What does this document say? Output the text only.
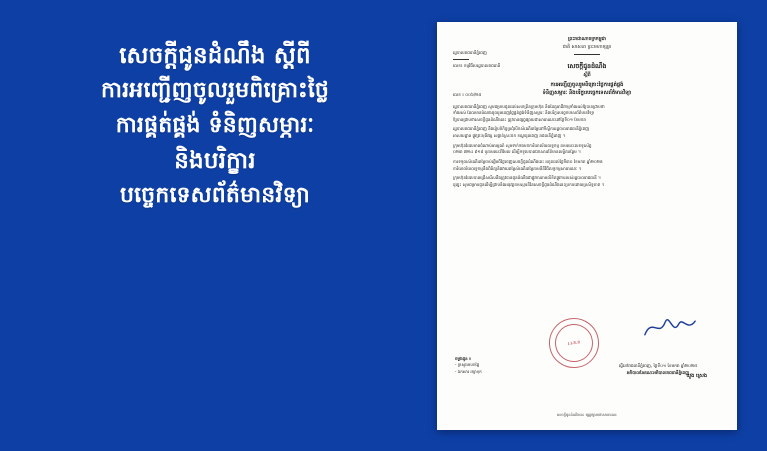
សេចក្តីជូនដំណឹង ស្តីពី
ការអញ្ជើញចូលរួមពិគ្រោះថ្លៃ
ការផ្គត់ផ្គង់ ទំនិញសម្ភារៈ
និងបរិក្ខារ
បច្ចេកទេសព័ត៌មានវិទ្យា
ព្រះរាជាណាចក្រកម្ពុជា
ជាតិ សាសនា ព្រះមហាក្សត្រ
រដ្ឋបាលរាជធានីភ្នំពេញ
លេខ៖ កម្មវិធីរបរដ្ឋបាលរាជធានី
លេខ ៖ ០០៦/២៥
សេចក្តីជូនដំណឹង
ស្តីពី
ការអញ្ជើញចូលរួមពិគ្រោះថ្លៃការផ្គត់ផ្គង់
ទំនិញសម្ភារៈ និងបរិក្ខារបច្ចេកទេសព័ត៌មានវិទ្យា
រដ្ឋបាលរាជធានីភ្នំពេញ សូមជម្រាបជូនដល់សហគ្រិនក្រុមហ៊ុន និងដៃគូអាជីវកម្មទាំងអស់ឱ្យបានជ្រាបថា
ទាំងអស់ ដែលមានបំណងចូលរួមដេញថ្លៃផ្គត់ផ្គង់ទំនិញសម្ភារៈ និងបរិក្ខារបច្ចេកទេសព័ត៌មានវិទ្យា
ឱ្យបានជ្រាបថាសេចក្តីជូនដំណឹងនេះ ត្រូវបានផ្សព្វផ្សាយជាសាធារណៈនៅថ្ងៃទី០១ ខែមករា
រដ្ឋបាលរាជធានីភ្នំពេញ នឹងរៀបចំកិច្ចប្រជុំបើកសំណើរតម្លៃនៅទីស្តីការរដ្ឋបាលរាជធានីភ្នំពេញ
អាសយដ្ឋាន ផ្លូវព្រះមុនីវង្ស សង្កាត់ស្រះចក ខណ្ឌដូនពេញ រាជធានីភ្នំពេញ ។
ក្រុមហ៊ុនដែលមានចំណាប់អារម្មណ៍ សូមទាក់ទងមកការិយាល័យលទ្ធកម្ម តាមរយៈលេខទូរស័ព្ទ
០២៣ ៧២៤ ៩១៨ ឬតាមរយៈអ៊ីមែល ដើម្បីទទួលបានឯកសារព័ត៌មានលម្អិតបន្ថែម ។
ការទទួលសំណើរតម្លៃចាប់ផ្តើមពីថ្ងៃចេញសេចក្តីជូនដំណឹងនេះ រហូតដល់ថ្ងៃទី៣០ ខែមករា ឆ្នាំ២០២៥
ការិយាល័យលទ្ធកម្មនឹងពិនិត្យនិងវាយតម្លៃសំណើរតម្លៃតាមនីតិវិធីលទ្ធកម្មសាធារណៈ ។
ក្រុមហ៊ុនដែលបានជ្រើសរើសនឹងត្រូវបានជូនដំណឹងជាផ្លូវការតាមលិខិតផ្លូវការរបស់រដ្ឋបាលរាជធានី ។
ដូច្នេះ សូមជម្រាបជូនដើម្បីជ្រាបនិងអនុវត្តតាមស្មារតីនៃសេចក្តីជូនដំណឹងនេះប្រកបដោយប្រសិទ្ធភាព ។
ធ្វើនៅរាជធានីភ្នំពេញ, ថ្ងៃទី០១ ខែមករា ឆ្នាំ២០២៥
អភិបាលនៃគណៈអភិបាលរាជធានីភ្នំពេញ
រ.រ.ភ.ព
ឃួង ស្រេង
ចម្លងជូន ៖
- ក្រសួងមហាផ្ទៃ
- ឯកសារ រក្សាទុក
សេចក្តីជូនដំណឹងនេះ ផ្សព្វផ្សាយជាសាធារណៈ
